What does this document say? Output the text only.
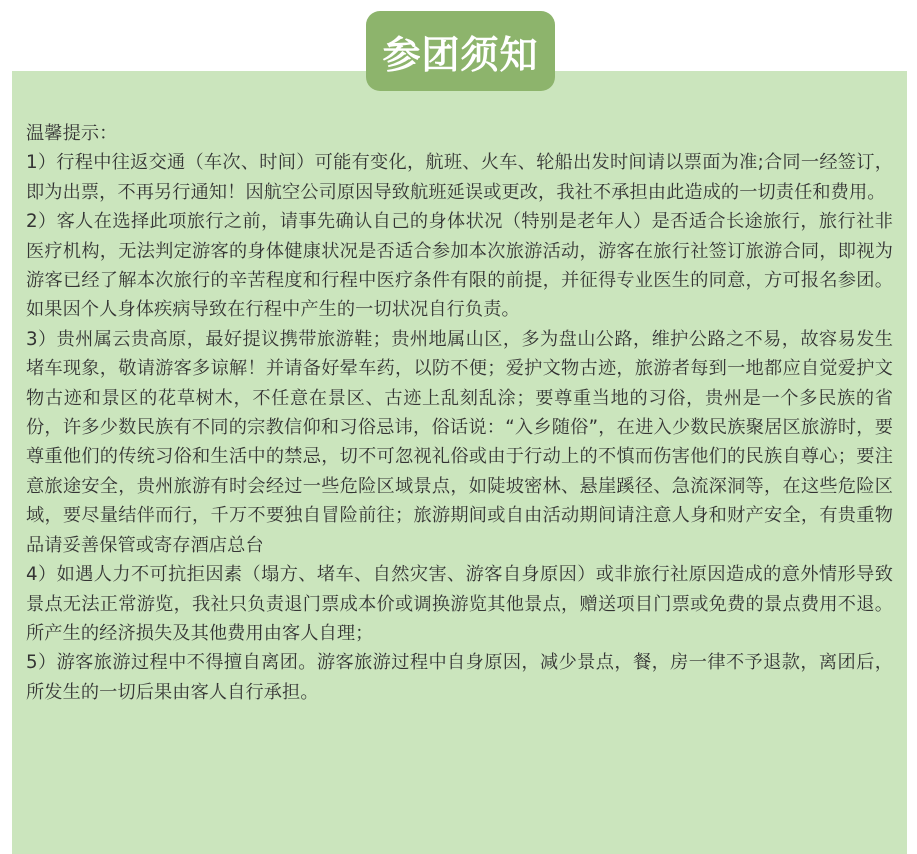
参团须知
温馨提示：
1）行程中往返交通（车次、时间）可能有变化，航班、火车、轮船出发时间请以票面为准;合同一经签订，即为出票，不再另行通知！因航空公司原因导致航班延误或更改，我社不承担由此造成的一切责任和费用。
2）客人在选择此项旅行之前，请事先确认自己的身体状况（特别是老年人）是否适合长途旅行，旅行社非医疗机构，无法判定游客的身体健康状况是否适合参加本次旅游活动，游客在旅行社签订旅游合同，即视为游客已经了解本次旅行的辛苦程度和行程中医疗条件有限的前提，并征得专业医生的同意，方可报名参团。如果因个人身体疾病导致在行程中产生的一切状况自行负责。
3）贵州属云贵高原，最好提议携带旅游鞋；贵州地属山区，多为盘山公路，维护公路之不易，故容易发生堵车现象，敬请游客多谅解！并请备好晕车药，以防不便；爱护文物古迹，旅游者每到一地都应自觉爱护文物古迹和景区的花草树木，不任意在景区、古迹上乱刻乱涂；要尊重当地的习俗，贵州是一个多民族的省份，许多少数民族有不同的宗教信仰和习俗忌讳，俗话说：“入乡随俗”，在进入少数民族聚居区旅游时，要尊重他们的传统习俗和生活中的禁忌，切不可忽视礼俗或由于行动上的不慎而伤害他们的民族自尊心；要注意旅途安全，贵州旅游有时会经过一些危险区域景点，如陡坡密林、悬崖蹊径、急流深洞等，在这些危险区域，要尽量结伴而行，千万不要独自冒险前往；旅游期间或自由活动期间请注意人身和财产安全，有贵重物品请妥善保管或寄存酒店总台
4）如遇人力不可抗拒因素（塌方、堵车、自然灾害、游客自身原因）或非旅行社原因造成的意外情形导致景点无法正常游览，我社只负责退门票成本价或调换游览其他景点，赠送项目门票或免费的景点费用不退。所产生的经济损失及其他费用由客人自理；
5）游客旅游过程中不得擅自离团。游客旅游过程中自身原因，减少景点，餐，房一律不予退款，离团后，所发生的一切后果由客人自行承担。
